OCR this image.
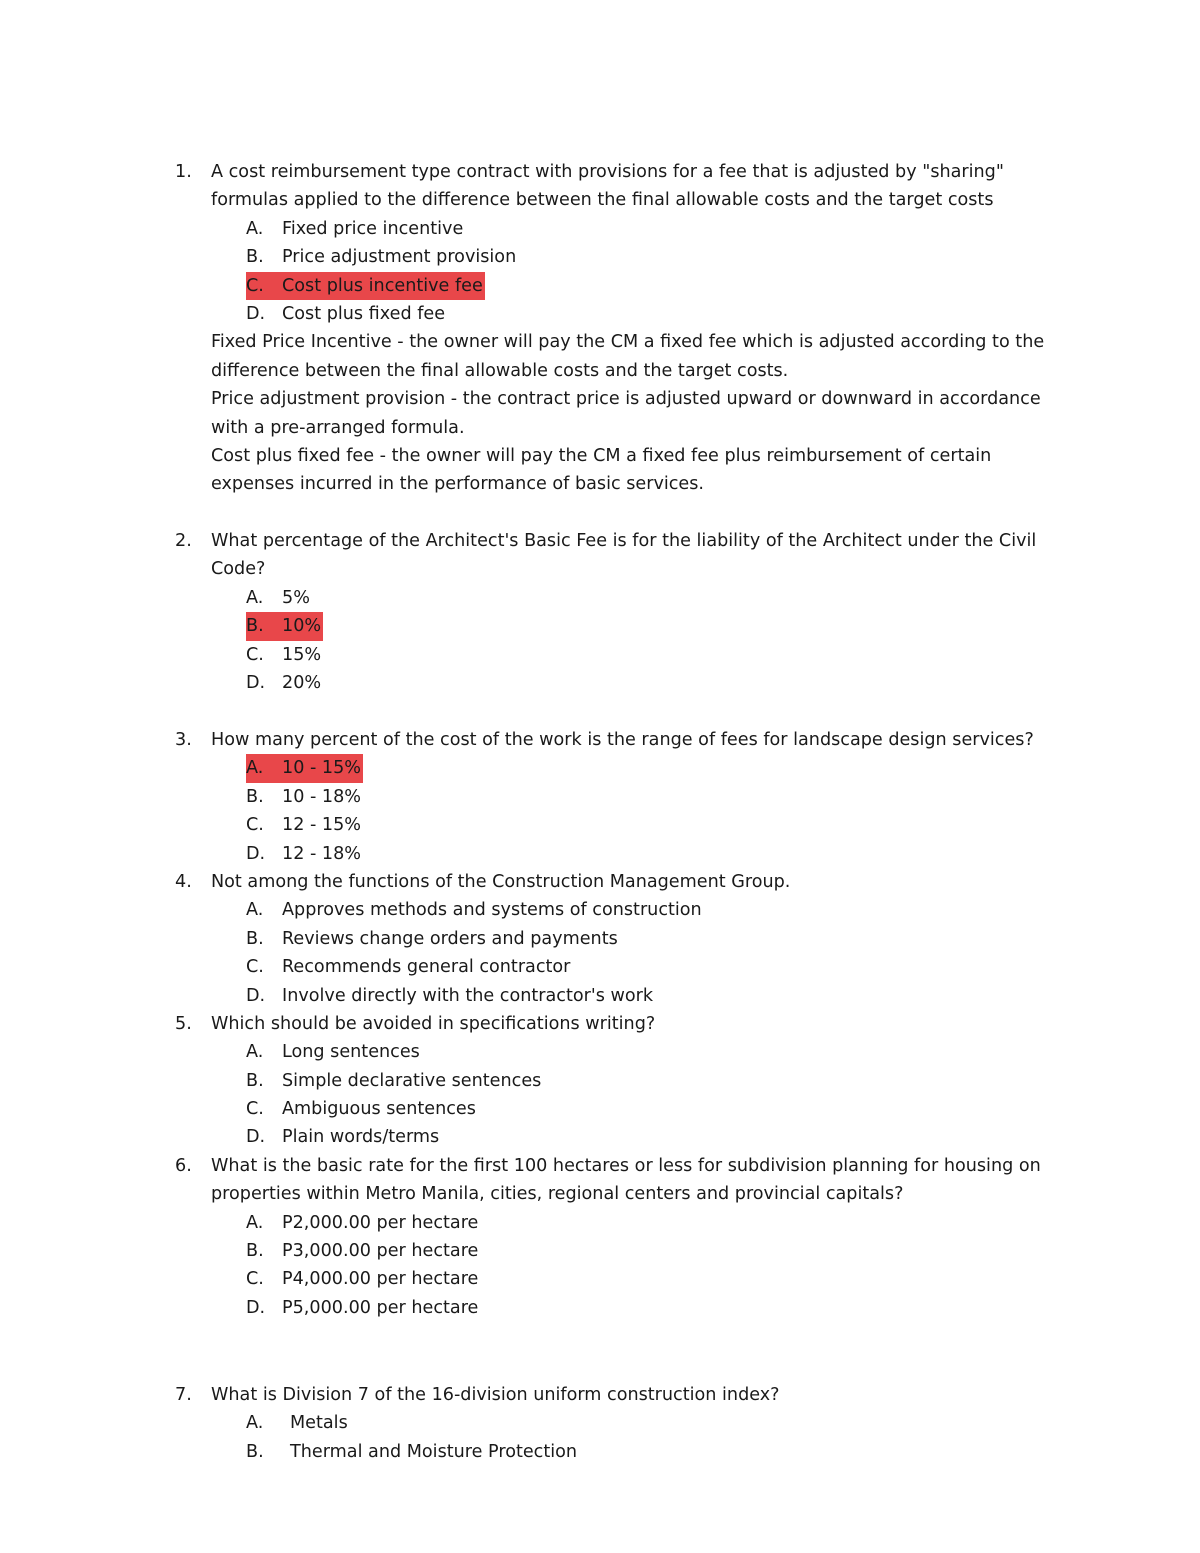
1.	A cost reimbursement type contract with provisions for a fee that is adjusted by "sharing"
formulas applied to the difference between the final allowable costs and the target costs
A. Fixed price incentive
B. Price adjustment provision
C. Cost plus incentive fee
D. Cost plus fixed fee
Fixed Price Incentive - the owner will pay the CM a fixed fee which is adjusted according to the
difference between the final allowable costs and the target costs.
Price adjustment provision - the contract price is adjusted upward or downward in accordance
with a pre-arranged formula.
Cost plus fixed fee - the owner will pay the CM a fixed fee plus reimbursement of certain
expenses incurred in the performance of basic services.
2.	What percentage of the Architect's Basic Fee is for the liability of the Architect under the Civil
Code?
A. 5%
B. 10%
C. 15%
D. 20%
3.	How many percent of the cost of the work is the range of fees for landscape design services?
A. 10 - 15%
B. 10 - 18%
C. 12 - 15%
D. 12 - 18%
4.	Not among the functions of the Construction Management Group.
A. Approves methods and systems of construction
B. Reviews change orders and payments
C. Recommends general contractor
D. Involve directly with the contractor's work
5.	Which should be avoided in specifications writing?
A. Long sentences
B. Simple declarative sentences
C. Ambiguous sentences
D. Plain words/terms
6.	What is the basic rate for the first 100 hectares or less for subdivision planning for housing on
properties within Metro Manila, cities, regional centers and provincial capitals?
A. P2,000.00 per hectare
B. P3,000.00 per hectare
C. P4,000.00 per hectare
D. P5,000.00 per hectare
7.	What is Division 7 of the 16-division uniform construction index?
A. Metals
B. Thermal and Moisture Protection
